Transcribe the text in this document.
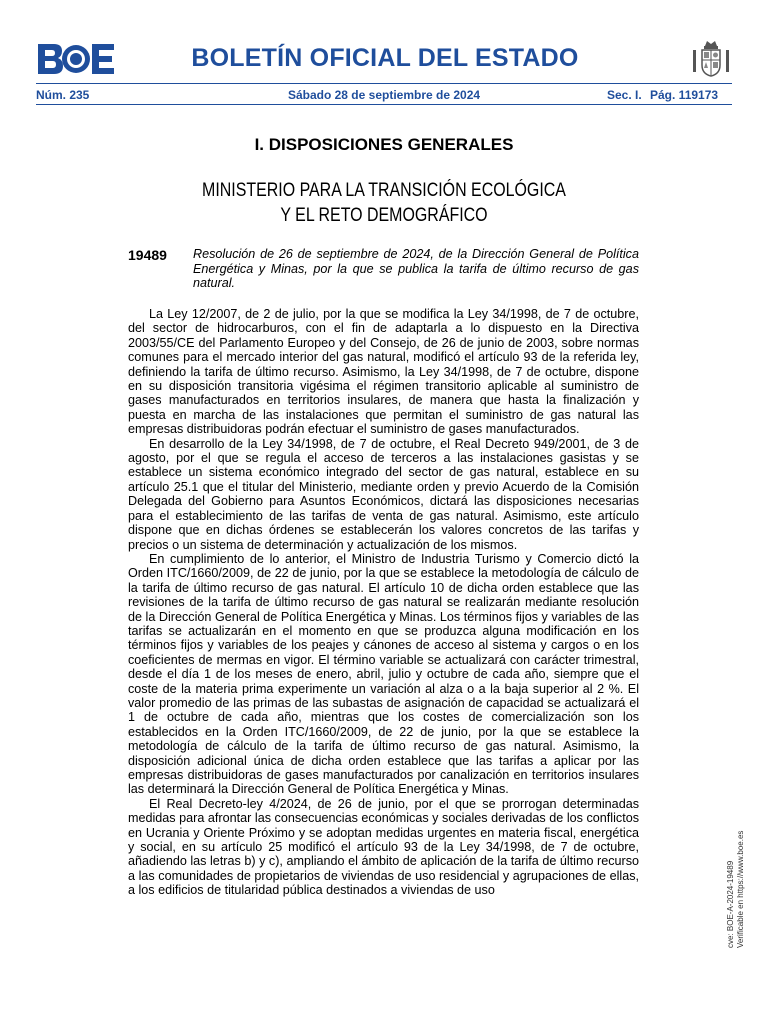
BOLETÍN OFICIAL DEL ESTADO
Núm. 235	Sábado 28 de septiembre de 2024	Sec. I. Pág. 119173
I. DISPOSICIONES GENERALES
MINISTERIO PARA LA TRANSICIÓN ECOLÓGICA
Y EL RETO DEMOGRÁFICO
19489 Resolución de 26 de septiembre de 2024, de la Dirección General de Política Energética y Minas, por la que se publica la tarifa de último recurso de gas natural.

La Ley 12/2007, de 2 de julio, por la que se modifica la Ley 34/1998, de 7 de octubre, del sector de hidrocarburos, con el fin de adaptarla a lo dispuesto en la Directiva 2003/55/CE del Parlamento Europeo y del Consejo, de 26 de junio de 2003, sobre normas comunes para el mercado interior del gas natural, modificó el artículo 93 de la referida ley, definiendo la tarifa de último recurso. Asimismo, la Ley 34/1998, de 7 de octubre, dispone en su disposición transitoria vigésima el régimen transitorio aplicable al suministro de gases manufacturados en territorios insulares, de manera que hasta la finalización y puesta en marcha de las instalaciones que permitan el suministro de gas natural las empresas distribuidoras podrán efectuar el suministro de gases manufacturados.

En desarrollo de la Ley 34/1998, de 7 de octubre, el Real Decreto 949/2001, de 3 de agosto, por el que se regula el acceso de terceros a las instalaciones gasistas y se establece un sistema económico integrado del sector de gas natural, establece en su artículo 25.1 que el titular del Ministerio, mediante orden y previo Acuerdo de la Comisión Delegada del Gobierno para Asuntos Económicos, dictará las disposiciones necesarias para el establecimiento de las tarifas de venta de gas natural. Asimismo, este artículo dispone que en dichas órdenes se establecerán los valores concretos de las tarifas y precios o un sistema de determinación y actualización de los mismos.

En cumplimiento de lo anterior, el Ministro de Industria Turismo y Comercio dictó la Orden ITC/1660/2009, de 22 de junio, por la que se establece la metodología de cálculo de la tarifa de último recurso de gas natural. El artículo 10 de dicha orden establece que las revisiones de la tarifa de último recurso de gas natural se realizarán mediante resolución de la Dirección General de Política Energética y Minas. Los términos fijos y variables de las tarifas se actualizarán en el momento en que se produzca alguna modificación en los términos fijos y variables de los peajes y cánones de acceso al sistema y cargos o en los coeficientes de mermas en vigor. El término variable se actualizará con carácter trimestral, desde el día 1 de los meses de enero, abril, julio y octubre de cada año, siempre que el coste de la materia prima experimente un variación al alza o a la baja superior al 2 %. El valor promedio de las primas de las subastas de asignación de capacidad se actualizará el 1 de octubre de cada año, mientras que los costes de comercialización son los establecidos en la Orden ITC/1660/2009, de 22 de junio, por la que se establece la metodología de cálculo de la tarifa de último recurso de gas natural. Asimismo, la disposición adicional única de dicha orden establece que las tarifas a aplicar por las empresas distribuidoras de gases manufacturados por canalización en territorios insulares las determinará la Dirección General de Política Energética y Minas.

El Real Decreto-ley 4/2024, de 26 de junio, por el que se prorrogan determinadas medidas para afrontar las consecuencias económicas y sociales derivadas de los conflictos en Ucrania y Oriente Próximo y se adoptan medidas urgentes en materia fiscal, energética y social, en su artículo 25 modificó el artículo 93 de la Ley 34/1998, de 7 de octubre, añadiendo las letras b) y c), ampliando el ámbito de aplicación de la tarifa de último recurso a las comunidades de propietarios de viviendas de uso residencial y agrupaciones de ellas, a los edificios de titularidad pública destinados a viviendas de uso	cve: BOE-A-2024-19489 Verificable en https://www.boe.es
